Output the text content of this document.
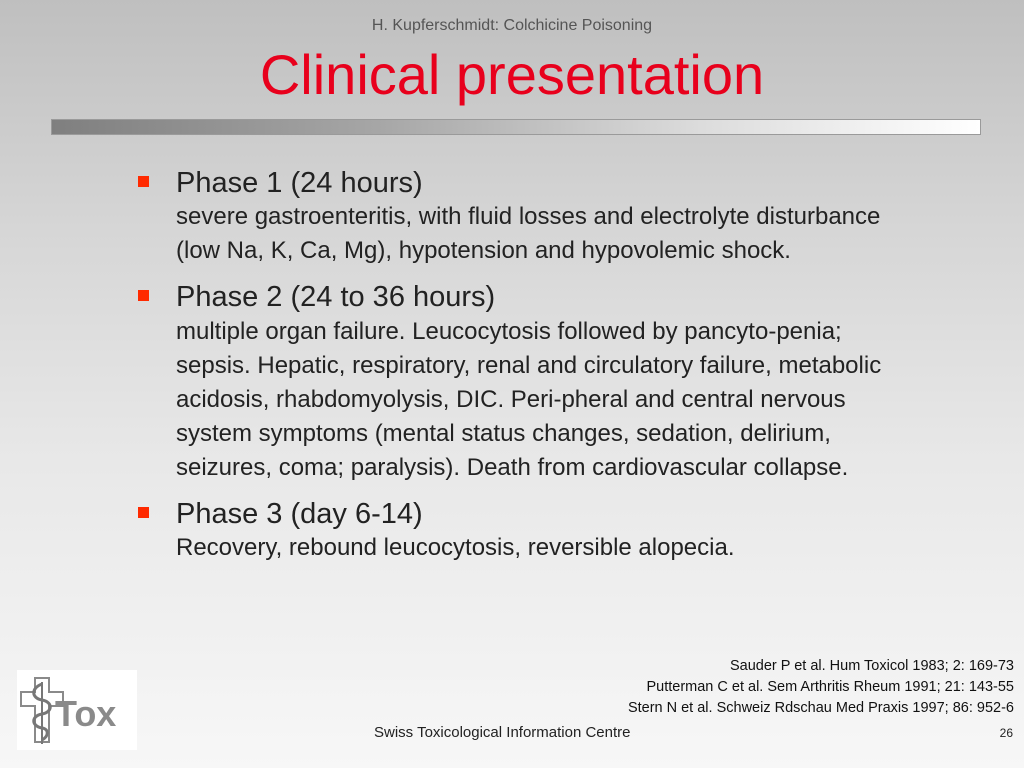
H. Kupferschmidt: Colchicine Poisoning
Clinical presentation
Phase 1 (24 hours)
severe gastroenteritis, with fluid losses and electrolyte disturbance (low Na, K, Ca, Mg), hypotension and hypovolemic shock.
Phase 2 (24 to 36 hours)
multiple organ failure. Leucocytosis followed by pancyto-penia; sepsis. Hepatic, respiratory, renal and circulatory failure, metabolic acidosis, rhabdomyolysis, DIC. Peri-pheral and central nervous system symptoms (mental status changes, sedation, delirium, seizures, coma; paralysis). Death from cardiovascular collapse.
Phase 3 (day 6-14)
Recovery, rebound leucocytosis, reversible alopecia.
Sauder P et al. Hum Toxicol 1983; 2: 169-73
Putterman C et al. Sem Arthritis Rheum 1991; 21: 143-55
Stern N et al. Schweiz Rdschau Med Praxis 1997; 86: 952-6
Tox	Swiss Toxicological Information Centre	26
